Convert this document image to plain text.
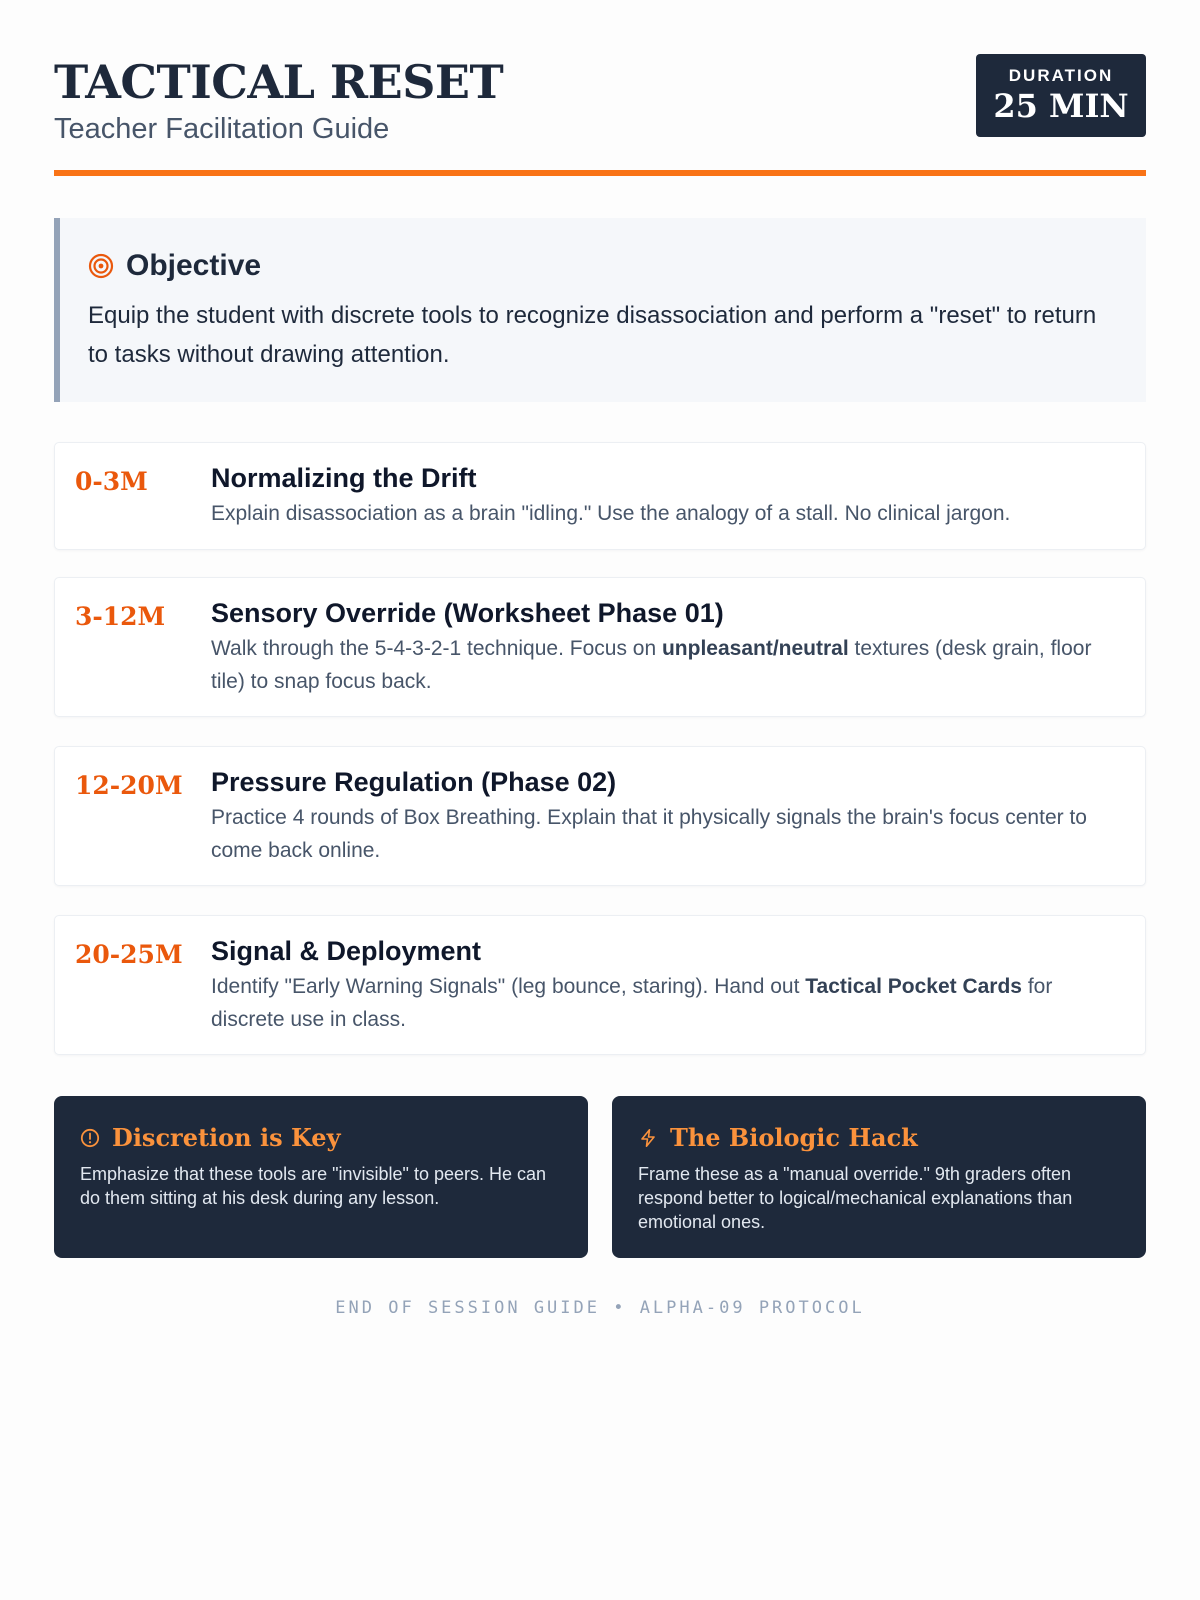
TACTICAL RESET
Teacher Facilitation Guide
DURATION
25 MIN
Objective

Equip the student with discrete tools to recognize disassociation and perform a "reset" to return to tasks without drawing attention.

0-3M	Normalizing the Drift
Explain disassociation as a brain "idling." Use the analogy of a stall. No clinical jargon.
3-12M	Sensory Override (Worksheet Phase 01)
Walk through the 5-4-3-2-1 technique. Focus on unpleasant/neutral textures (desk grain, floor tile) to snap focus back.
12-20M	Pressure Regulation (Phase 02)
Practice 4 rounds of Box Breathing. Explain that it physically signals the brain's focus center to come back online.
20-25M	Signal & Deployment
Identify "Early Warning Signals" (leg bounce, staring). Hand out Tactical Pocket Cards for discrete use in class.
Discretion is Key

Emphasize that these tools are "invisible" to peers. He can do them sitting at his desk during any lesson.

The Biologic Hack

Frame these as a "manual override." 9th graders often respond better to logical/mechanical explanations than emotional ones.

END OF SESSION GUIDE • ALPHA-09 PROTOCOL
